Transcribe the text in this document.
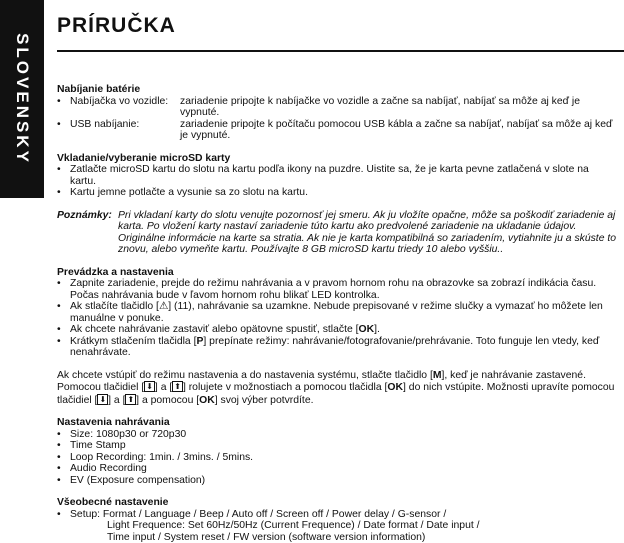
SLOVENSKY
PRÍRUČKA
Nabíjanie batérie
• Nabíjačka vo vozidle:	zariadenie pripojte k nabíjačke vo vozidle a začne sa nabíjať, nabíjať sa môže aj keď je vypnuté.
• USB nabíjanie:	zariadenie pripojte k počítaču pomocou USB kábla a začne sa nabíjať, nabíjať sa môže aj keď je vypnuté.
Vkladanie/vyberanie microSD karty
• Zatlačte microSD kartu do slotu na kartu podľa ikony na puzdre. Uistite sa, že je karta pevne zatlačená v slote na kartu.
• Kartu jemne potlačte a vysunie sa zo slotu na kartu.
Poznámky: Pri vkladaní karty do slotu venujte pozornosť jej smeru. Ak ju vložíte opačne, môže sa poškodiť zariadenie aj karta. Po vložení karty nastaví zariadenie túto kartu ako predvolené zariadenie na ukladanie údajov. Originálne informácie na karte sa stratia. Ak nie je karta kompatibilná so zariadením, vytiahnite ju a skúste to znovu, alebo vymeňte kartu. Používajte 8 GB microSD kartu triedy 10 alebo vyššiu..
Prevádzka a nastavenia
• Zapnite zariadenie, prejde do režimu nahrávania a v pravom hornom rohu na obrazovke sa zobrazí indikácia času. Počas nahrávania bude v ľavom hornom rohu blikať LED kontrolka.
• Ak stlačíte tlačidlo [⚠] (11), nahrávanie sa uzamkne. Nebude prepisované v režime slučky a vymazať ho môžete len manuálne v ponuke.
• Ak chcete nahrávanie zastaviť alebo opätovne spustiť, stlačte [OK].
• Krátkym stlačením tlačidla [P] prepínate režimy: nahrávanie/fotografovanie/prehrávanie. Toto funguje len vtedy, keď nenahrávate.
Ak chcete vstúpiť do režimu nastavenia a do nastavenia systému, stlačte tlačidlo [M], keď je nahrávanie zastavené. Pomocou tlačidiel [ ⬇ ] a [ ⬆ ] rolujete v možnostiach a pomocou tlačidla [OK] do nich vstúpite. Možnosti upravíte pomocou tlačidiel [ ⬇ ] a [ ⬆ ] a pomocou [OK] svoj výber potvrdíte.
Nastavenia nahrávania
• Size: 1080p30 or 720p30
• Time Stamp
• Loop Recording: 1min. / 3mins. / 5mins.
• Audio Recording
• EV (Exposure compensation)
Všeobecné nastavenie
• Setup: Format / Language / Beep / Auto off / Screen off / Power delay / G-sensor /
Light Frequence: Set 60Hz/50Hz (Current Frequence) / Date format / Date input /
Time input / System reset / FW version (software version information)
